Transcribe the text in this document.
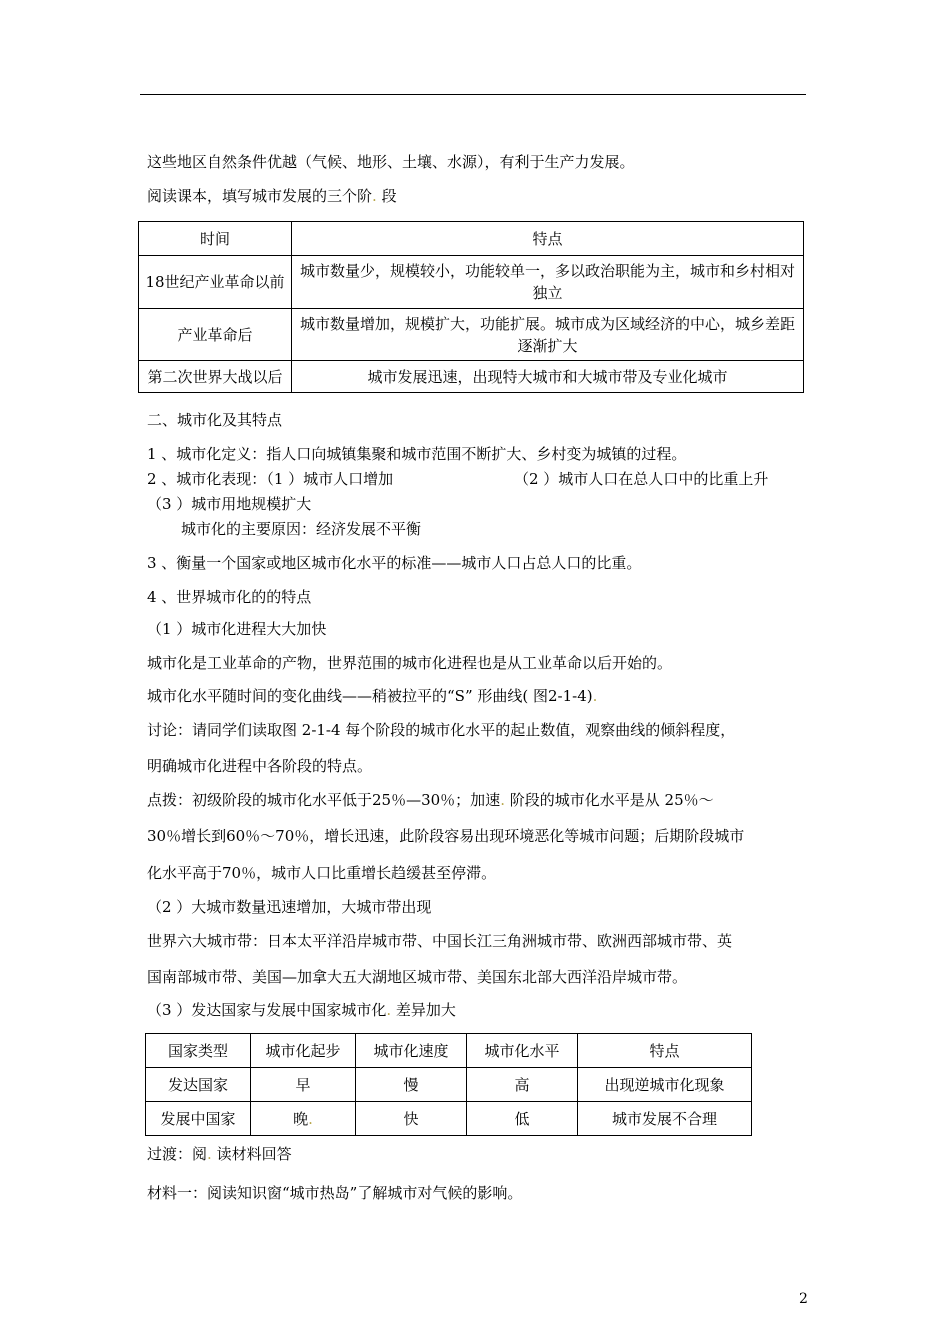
这些地区自然条件优越（气候、地形、土壤、水源），有利于生产力发展。
阅读课本，填写城市发展的三个阶. 段
时间	特点
18世纪产业革命以前	城市数量少，规模较小，功能较单一，多以政治职能为主，城市和乡村相对独立
产业革命后	城市数量增加，规模扩大，功能扩展。城市成为区域经济的中心，城乡差距逐渐扩大
第二次世界大战以后	城市发展迅速，出现特大城市和大城市带及专业化城市
二、城市化及其特点
1 、城市化定义：指人口向城镇集聚和城市范围不断扩大、乡村变为城镇的过程。
2 、城市化表现：（1 ）城市人口增加	（2 ）城市人口在总人口中的比重上升
（3 ）城市用地规模扩大
城市化的主要原因：经济发展不平衡
3 、衡量一个国家或地区城市化水平的标准——城市人口占总人口的比重。
4 、世界城市化的的特点
（1 ）城市化进程大大加快
城市化是工业革命的产物，世界范围的城市化进程也是从工业革命以后开始的。
城市化水平随时间的变化曲线——稍被拉平的“S” 形曲线( 图2-1-4).
讨论：请同学们读取图 2-1-4 每个阶段的城市化水平的起止数值，观察曲线的倾斜程度，
明确城市化进程中各阶段的特点。
点拨：初级阶段的城市化水平低于25％—30％；加速. 阶段的城市化水平是从 25％～
30％增长到60％～70％，增长迅速，此阶段容易出现环境恶化等城市问题；后期阶段城市
化水平高于70％，城市人口比重增长趋缓甚至停滞。
（2 ）大城市数量迅速增加，大城市带出现
世界六大城市带：日本太平洋沿岸城市带、中国长江三角洲城市带、欧洲西部城市带、英
国南部城市带、美国—加拿大五大湖地区城市带、美国东北部大西洋沿岸城市带。
（3 ）发达国家与发展中国家城市化. 差异加大
国家类型	城市化起步	城市化速度	城市化水平	特点
发达国家	早	慢	高	出现逆城市化现象
发展中国家	晚.	快	低	城市发展不合理
过渡：阅. 读材料回答
材料一：阅读知识窗“城市热岛”了解城市对气候的影响。
2
